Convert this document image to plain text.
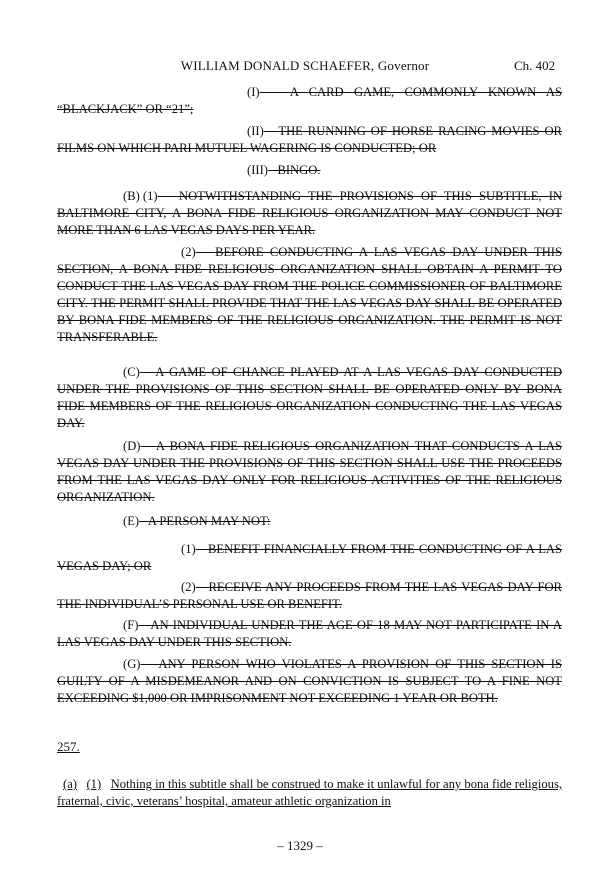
WILLIAM DONALD SCHAEFER, Governor	Ch. 402
(I) A CARD GAME, COMMONLY KNOWN AS “BLACKJACK” OR “21”;
(II) THE RUNNING OF HORSE RACING MOVIES OR FILMS ON WHICH PARI MUTUEL WAGERING IS CONDUCTED; OR
(III) BINGO.
(B) (1) NOTWITHSTANDING THE PROVISIONS OF THIS SUBTITLE, IN BALTIMORE CITY, A BONA FIDE RELIGIOUS ORGANIZATION MAY CONDUCT NOT MORE THAN 6 LAS VEGAS DAYS PER YEAR.
(2) BEFORE CONDUCTING A LAS VEGAS DAY UNDER THIS SECTION, A BONA FIDE RELIGIOUS ORGANIZATION SHALL OBTAIN A PERMIT TO CONDUCT THE LAS VEGAS DAY FROM THE POLICE COMMISSIONER OF BALTIMORE CITY. THE PERMIT SHALL PROVIDE THAT THE LAS VEGAS DAY SHALL BE OPERATED BY BONA FIDE MEMBERS OF THE RELIGIOUS ORGANIZATION. THE PERMIT IS NOT TRANSFERABLE.
(C) A GAME OF CHANCE PLAYED AT A LAS VEGAS DAY CONDUCTED UNDER THE PROVISIONS OF THIS SECTION SHALL BE OPERATED ONLY BY BONA FIDE MEMBERS OF THE RELIGIOUS ORGANIZATION CONDUCTING THE LAS VEGAS DAY.
(D) A BONA FIDE RELIGIOUS ORGANIZATION THAT CONDUCTS A LAS VEGAS DAY UNDER THE PROVISIONS OF THIS SECTION SHALL USE THE PROCEEDS FROM THE LAS VEGAS DAY ONLY FOR RELIGIOUS ACTIVITIES OF THE RELIGIOUS ORGANIZATION.
(E) A PERSON MAY NOT:
(1) BENEFIT FINANCIALLY FROM THE CONDUCTING OF A LAS VEGAS DAY; OR
(2) RECEIVE ANY PROCEEDS FROM THE LAS VEGAS DAY FOR THE INDIVIDUAL’S PERSONAL USE OR BENEFIT.
(F) AN INDIVIDUAL UNDER THE AGE OF 18 MAY NOT PARTICIPATE IN A LAS VEGAS DAY UNDER THIS SECTION.
(G) ANY PERSON WHO VIOLATES A PROVISION OF THIS SECTION IS GUILTY OF A MISDEMEANOR AND ON CONVICTION IS SUBJECT TO A FINE NOT EXCEEDING $1,000 OR IMPRISONMENT NOT EXCEEDING 1 YEAR OR BOTH.
257.
(a) (1) Nothing in this subtitle shall be construed to make it unlawful for any bona fide religious, fraternal, civic, veterans’ hospital, amateur athletic organization in
– 1329 –
